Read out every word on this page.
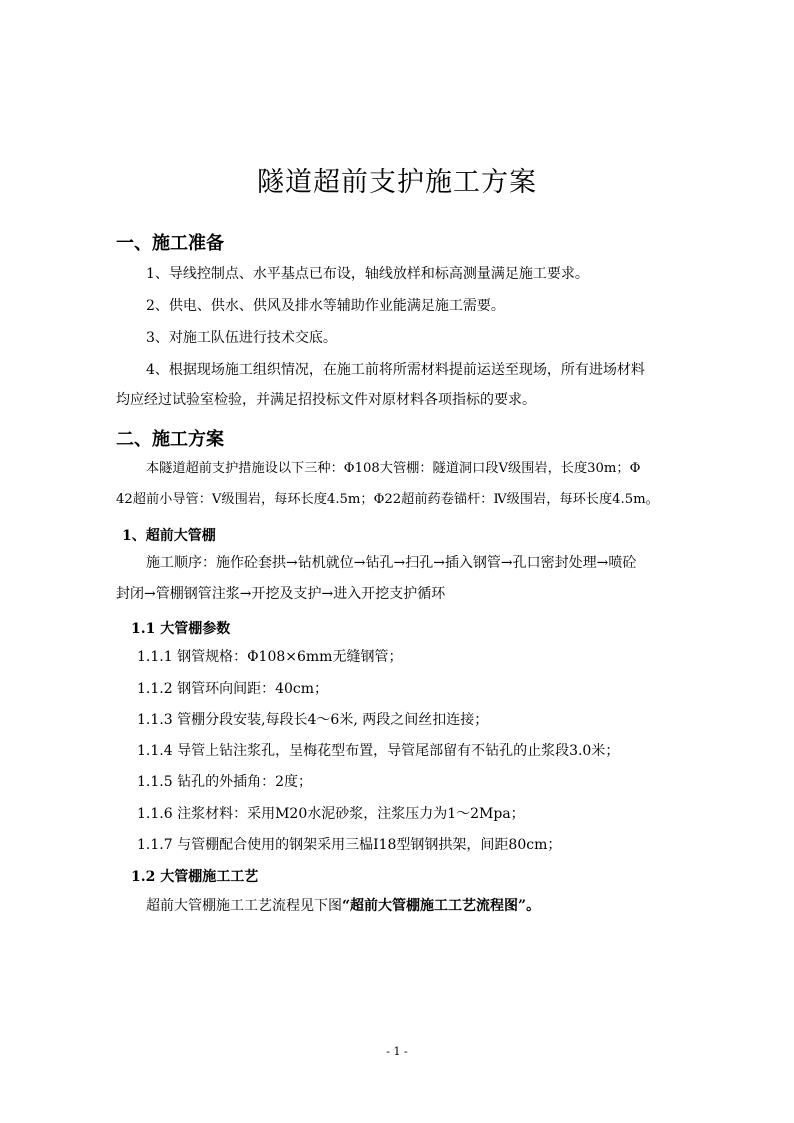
隧道超前支护施工方案
一、施工准备
1、导线控制点、水平基点已布设，轴线放样和标高测量满足施工要求。
2、供电、供水、供风及排水等辅助作业能满足施工需要。
3、对施工队伍进行技术交底。
4、根据现场施工组织情况，在施工前将所需材料提前运送至现场，所有进场材料
均应经过试验室检验，并满足招投标文件对原材料各项指标的要求。
二、施工方案
本隧道超前支护措施设以下三种：Φ108大管棚：隧道洞口段Ⅴ级围岩，长度30m；Φ
42超前小导管：Ⅴ级围岩，每环长度4.5m；Φ22超前药卷锚杆：Ⅳ级围岩，每环长度4.5m。
1、超前大管棚
施工顺序：施作砼套拱→钻机就位→钻孔→扫孔→插入钢管→孔口密封处理→喷砼
封闭→管棚钢管注浆→开挖及支护→进入开挖支护循环
1.1 大管棚参数
1.1.1 钢管规格：Φ108×6mm无缝钢管；
1.1.2 钢管环向间距：40cm；
1.1.3 管棚分段安装,每段长4～6米, 两段之间丝扣连接；
1.1.4 导管上钻注浆孔，呈梅花型布置，导管尾部留有不钻孔的止浆段3.0米；
1.1.5 钻孔的外插角：2度；
1.1.6 注浆材料：采用M20水泥砂浆，注浆压力为1～2Mpa；
1.1.7 与管棚配合使用的钢架采用三榀Ⅰ18型钢钢拱架，间距80cm；
1.2 大管棚施工工艺
超前大管棚施工工艺流程见下图“超前大管棚施工工艺流程图”。
- 1 -
